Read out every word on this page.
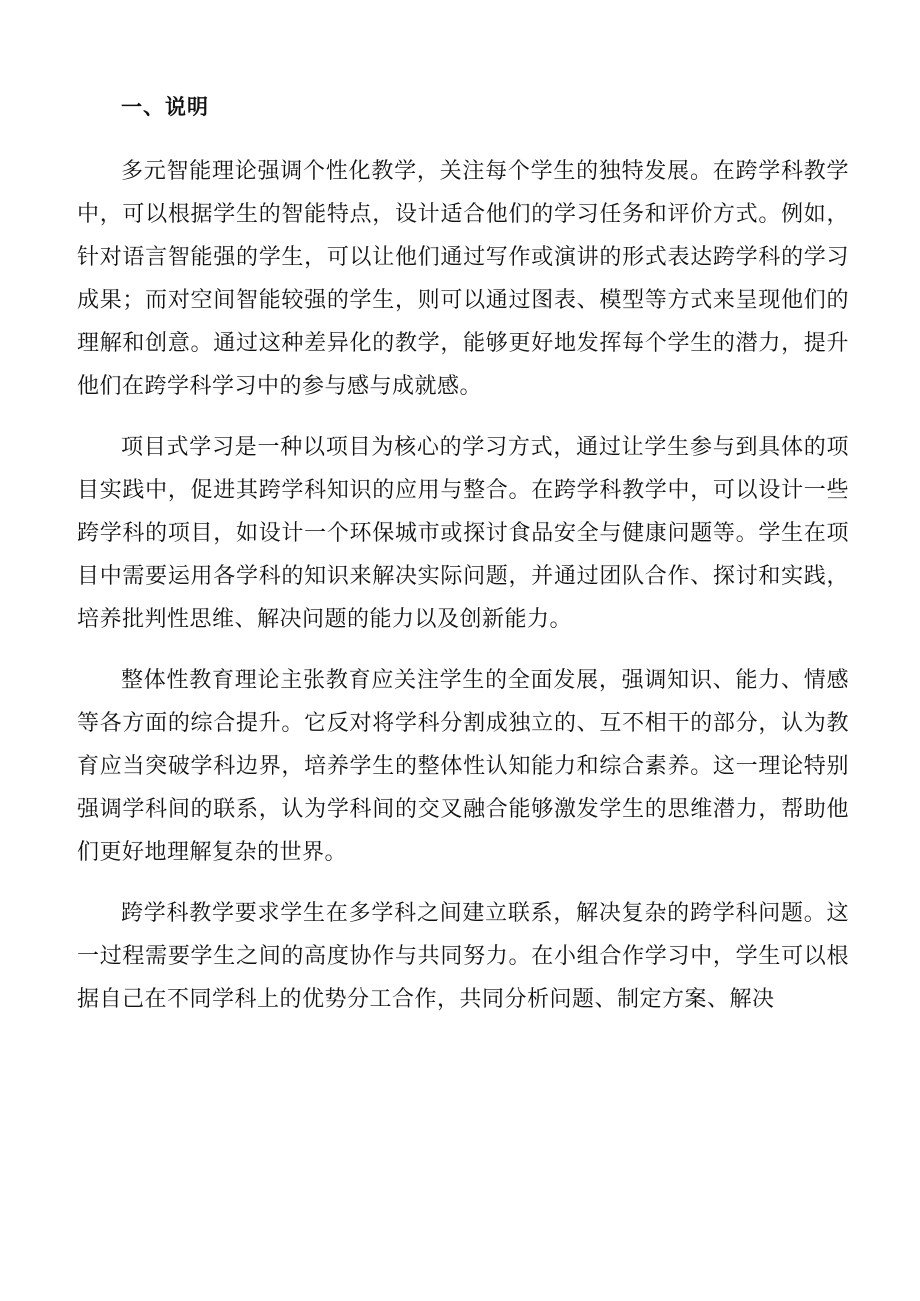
一、说明

多元智能理论强调个性化教学，关注每个学生的独特发展。在跨学科教学中，可以根据学生的智能特点，设计适合他们的学习任务和评价方式。例如，针对语言智能强的学生，可以让他们通过写作或演讲的形式表达跨学科的学习成果；而对空间智能较强的学生，则可以通过图表、模型等方式来呈现他们的理解和创意。通过这种差异化的教学，能够更好地发挥每个学生的潜力，提升他们在跨学科学习中的参与感与成就感。

项目式学习是一种以项目为核心的学习方式，通过让学生参与到具体的项目实践中，促进其跨学科知识的应用与整合。在跨学科教学中，可以设计一些跨学科的项目，如设计一个环保城市或探讨食品安全与健康问题等。学生在项目中需要运用各学科的知识来解决实际问题，并通过团队合作、探讨和实践，培养批判性思维、解决问题的能力以及创新能力。

整体性教育理论主张教育应关注学生的全面发展，强调知识、能力、情感等各方面的综合提升。它反对将学科分割成独立的、互不相干的部分，认为教育应当突破学科边界，培养学生的整体性认知能力和综合素养。这一理论特别强调学科间的联系，认为学科间的交叉融合能够激发学生的思维潜力，帮助他们更好地理解复杂的世界。

跨学科教学要求学生在多学科之间建立联系，解决复杂的跨学科问题。这一过程需要学生之间的高度协作与共同努力。在小组合作学习中，学生可以根据自己在不同学科上的优势分工合作，共同分析问题、制定方案、解决
